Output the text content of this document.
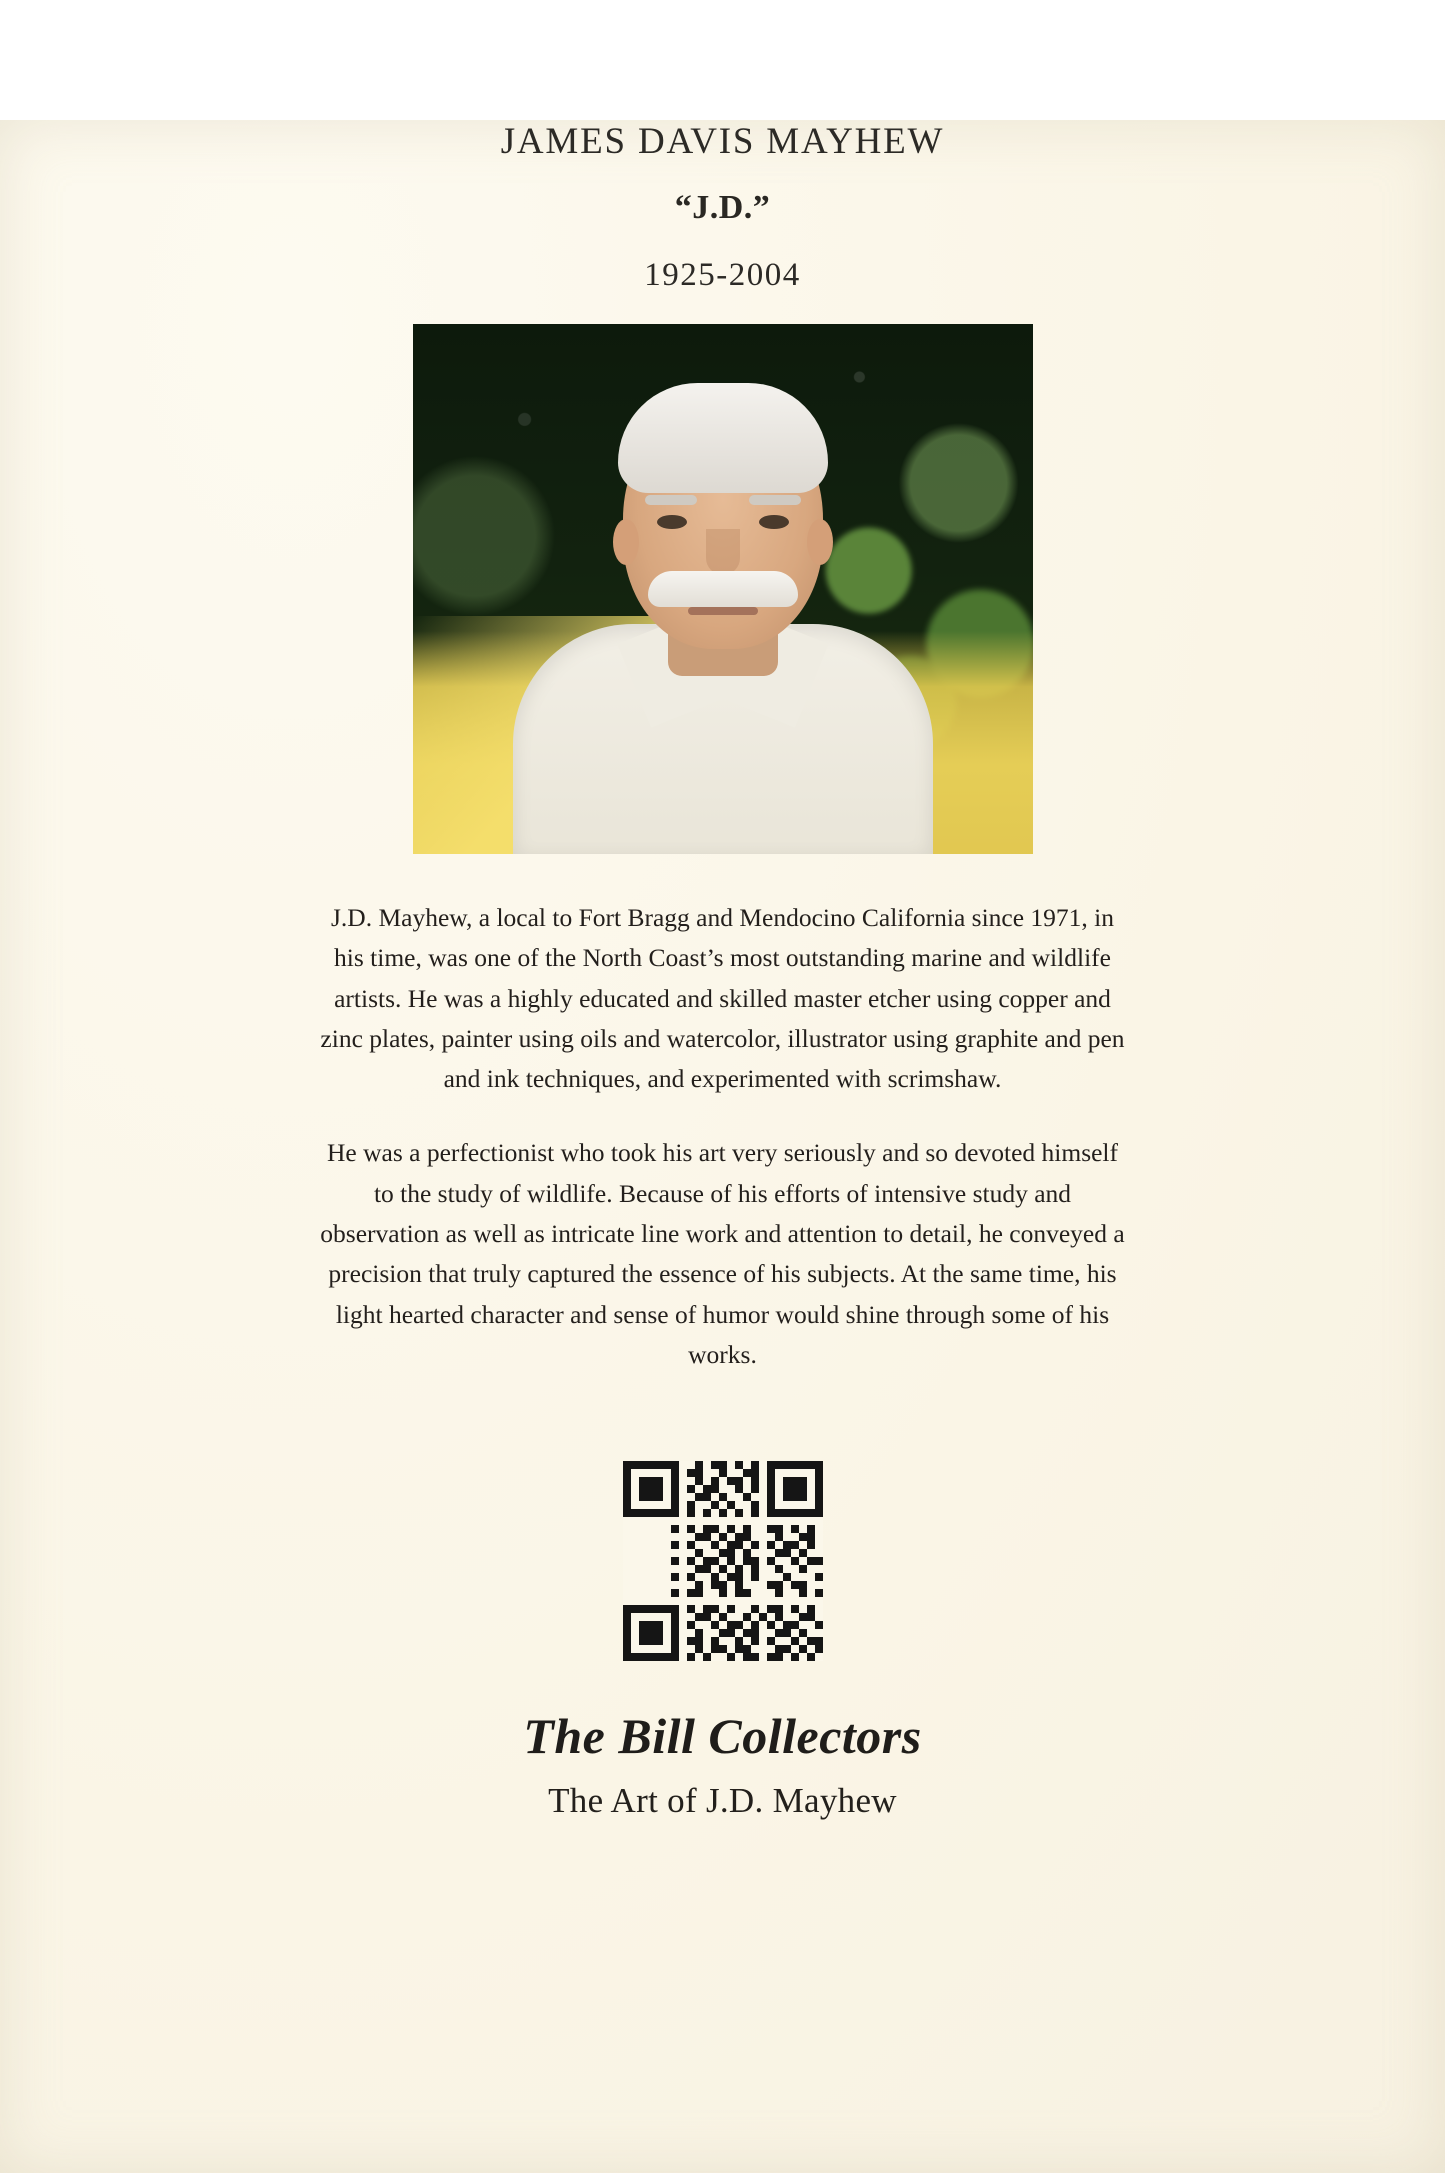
JAMES DAVIS MAYHEW
“J.D.”
1925-2004

J.D. Mayhew, a local to Fort Bragg and Mendocino California since 1971, in his time, was one of the North Coast’s most outstanding marine and wildlife artists. He was a highly educated and skilled master etcher using copper and zinc plates, painter using oils and watercolor, illustrator using graphite and pen and ink techniques, and experimented with scrimshaw.

He was a perfectionist who took his art very seriously and so devoted himself to the study of wildlife. Because of his efforts of intensive study and observation as well as intricate line work and attention to detail, he conveyed a precision that truly captured the essence of his subjects. At the same time, his light hearted character and sense of humor would shine through some of his works.

The Bill Collectors
The Art of J.D. Mayhew
